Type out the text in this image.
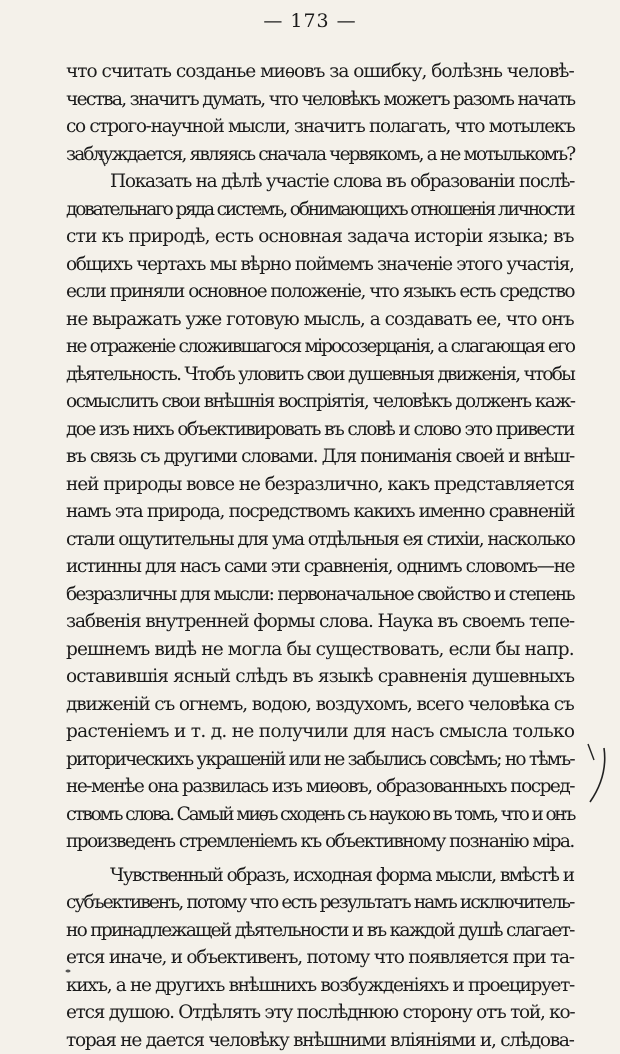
— 173 —
что считать созданье миѳовъ за ошибку, болѣзнь человѣ-
чества, значитъ думать, что человѣкъ можетъ разомъ начать
со строго-научной мысли, значитъ полагать, что мотылекъ
заблуждается, являясь сначала червякомъ, а не мотылькомъ?
Показать на дѣлѣ участіе слова въ образованіи послѣ-
довательнаго ряда системъ, обнимающихъ отношенія личности
сти къ природѣ, есть основная задача исторіи языка; въ
общихъ чертахъ мы вѣрно поймемъ значеніе этого участія,
если приняли основное положеніе, что языкъ есть средство
не выражать уже готовую мысль, а создавать ее, что онъ
не отраженіе сложившагося міросозерцанія, а слагающая его
дѣятельность. Чтобъ уловить свои душевныя движенія, чтобы
осмыслить свои внѣшнія воспріятія, человѣкъ долженъ каж-
дое изъ нихъ объективировать въ словѣ и слово это привести
въ связь съ другими словами. Для пониманія своей и внѣш-
ней природы вовсе не безразлично, какъ представляется
намъ эта природа, посредствомъ какихъ именно сравненій
стали ощутительны для ума отдѣльныя ея стихіи, насколько
истинны для насъ сами эти сравненія, однимъ словомъ—не
безразличны для мысли: первоначальное свойство и степень
забвенія внутренней формы слова. Наука въ своемъ тепе-
решнемъ видѣ не могла бы существовать, если бы напр.
оставившія ясный слѣдъ въ языкѣ сравненія душевныхъ
движеній съ огнемъ, водою, воздухомъ, всего человѣка съ
растеніемъ и т. д. не получили для насъ смысла только
риторическихъ украшеній или не забылись совсѣмъ; но тѣмъ-
не-менѣе она развилась изъ миѳовъ, образованныхъ посред-
ствомъ слова. Самый миѳъ сходенъ съ наукою въ томъ, что и онъ
произведенъ стремленіемъ къ объективному познанію міра.
Чувственный образъ, исходная форма мысли, вмѣстѣ и
субъективенъ, потому что есть результатъ намъ исключитель-
но принадлежащей дѣятельности и въ каждой душѣ слагает-
ется иначе, и объективенъ, потому что появляется при та-
кихъ, а не другихъ внѣшнихъ возбужденіяхъ и проецирует-
ется душою. Отдѣлять эту послѣднюю сторону отъ той, ко-
торая не дается человѣку внѣшними вліяніями и, слѣдова-
